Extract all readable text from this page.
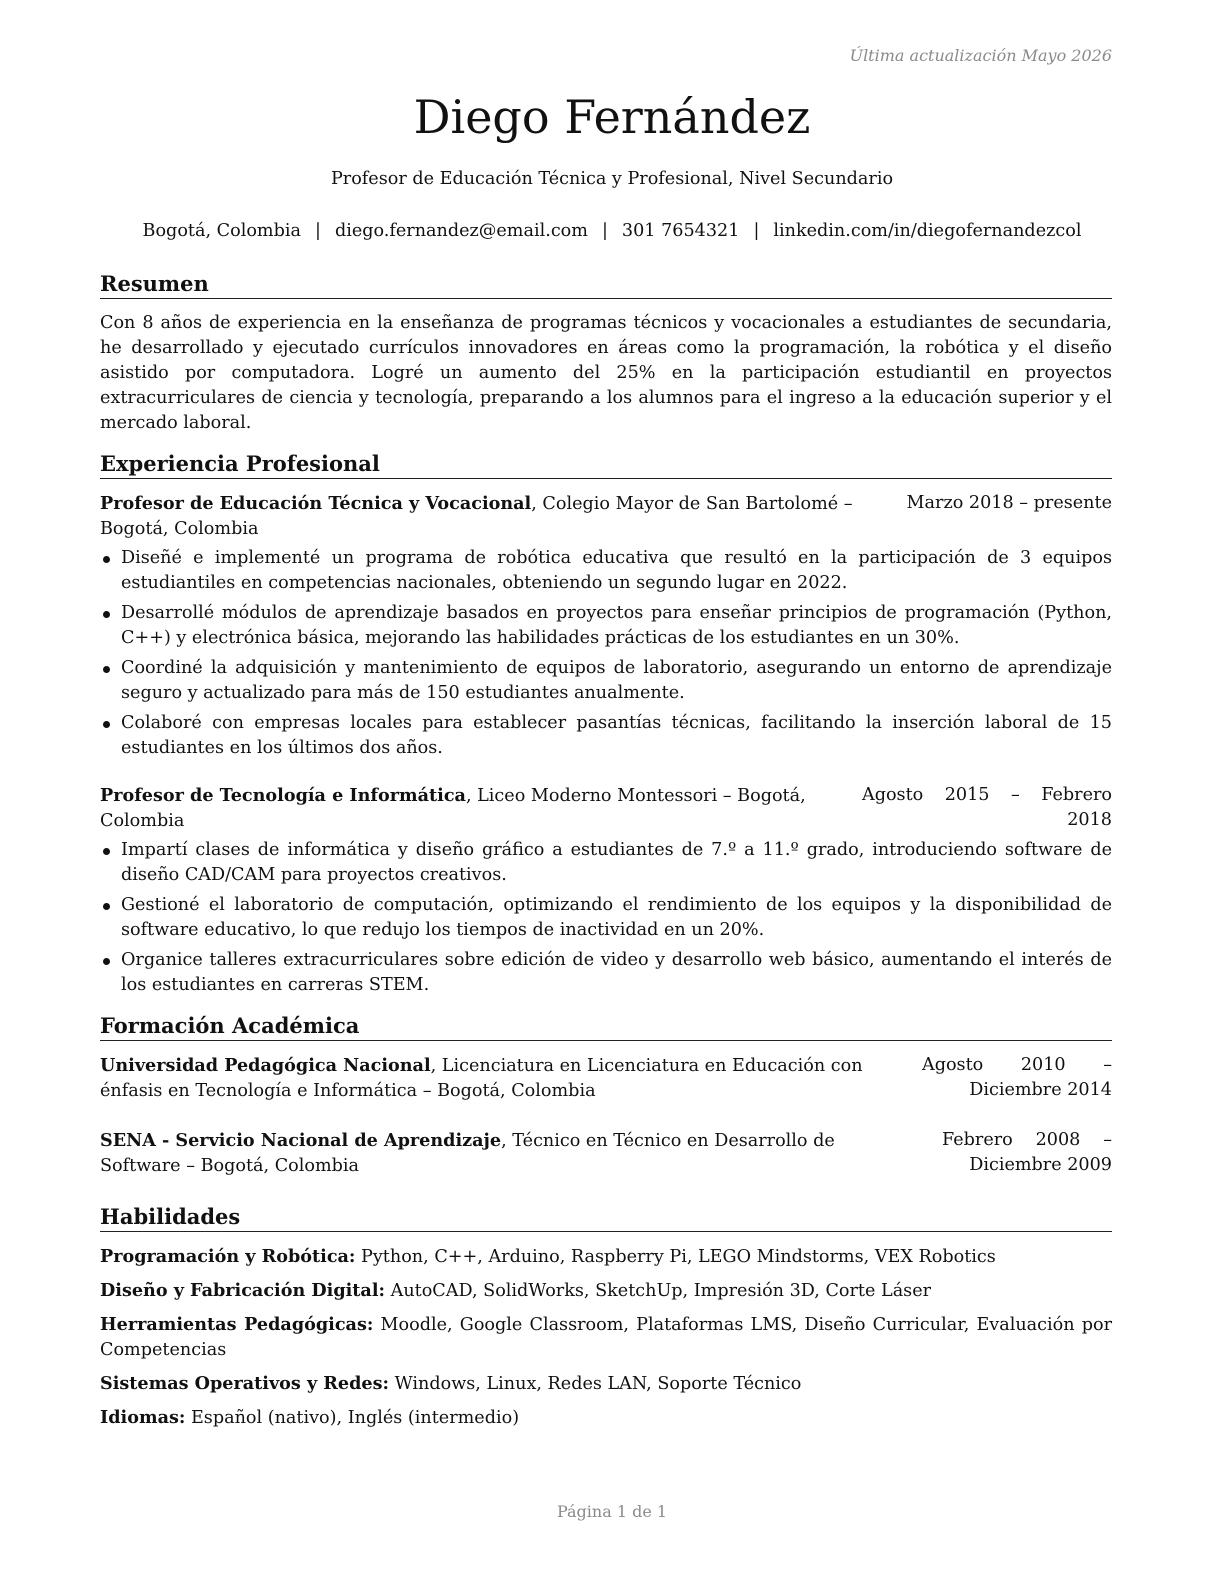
Última actualización Mayo 2026
Diego Fernández
Profesor de Educación Técnica y Profesional, Nivel Secundario
Bogotá, Colombia | diego.fernandez@email.com | 301 7654321 | linkedin.com/in/diegofernandezcol
Resumen
Con 8 años de experiencia en la enseñanza de programas técnicos y vocacionales a estudiantes de secundaria, he desarrollado y ejecutado currículos innovadores en áreas como la programación, la robótica y el diseño asistido por computadora. Logré un aumento del 25% en la participación estudiantil en proyectos extracurriculares de ciencia y tecnología, preparando a los alumnos para el ingreso a la educación superior y el mercado laboral.
Experiencia Profesional
Profesor de Educación Técnica y Vocacional, Colegio Mayor de San Bartolomé – Bogotá, Colombia
Marzo 2018 – presente
Diseñé e implementé un programa de robótica educativa que resultó en la participación de 3 equipos estudiantiles en competencias nacionales, obteniendo un segundo lugar en 2022.
Desarrollé módulos de aprendizaje basados en proyectos para enseñar principios de programación (Python, C++) y electrónica básica, mejorando las habilidades prácticas de los estudiantes en un 30%.
Coordiné la adquisición y mantenimiento de equipos de laboratorio, asegurando un entorno de aprendizaje seguro y actualizado para más de 150 estudiantes anualmente.
Colaboré con empresas locales para establecer pasantías técnicas, facilitando la inserción laboral de 15 estudiantes en los últimos dos años.
Profesor de Tecnología e Informática, Liceo Moderno Montessori – Bogotá, Colombia
Agosto 2015 – Febrero 2018
Impartí clases de informática y diseño gráfico a estudiantes de 7.º a 11.º grado, introduciendo software de diseño CAD/CAM para proyectos creativos.
Gestioné el laboratorio de computación, optimizando el rendimiento de los equipos y la disponibilidad de software educativo, lo que redujo los tiempos de inactividad en un 20%.
Organice talleres extracurriculares sobre edición de video y desarrollo web básico, aumentando el interés de los estudiantes en carreras STEM.
Formación Académica
Universidad Pedagógica Nacional, Licenciatura en Licenciatura en Educación con énfasis en Tecnología e Informática – Bogotá, Colombia
Agosto 2010 – Diciembre 2014
SENA - Servicio Nacional de Aprendizaje, Técnico en Técnico en Desarrollo de Software – Bogotá, Colombia
Febrero 2008 – Diciembre 2009
Habilidades
Programación y Robótica: Python, C++, Arduino, Raspberry Pi, LEGO Mindstorms, VEX Robotics
Diseño y Fabricación Digital: AutoCAD, SolidWorks, SketchUp, Impresión 3D, Corte Láser
Herramientas Pedagógicas: Moodle, Google Classroom, Plataformas LMS, Diseño Curricular, Evaluación por Competencias
Sistemas Operativos y Redes: Windows, Linux, Redes LAN, Soporte Técnico
Idiomas: Español (nativo), Inglés (intermedio)
Página 1 de 1
